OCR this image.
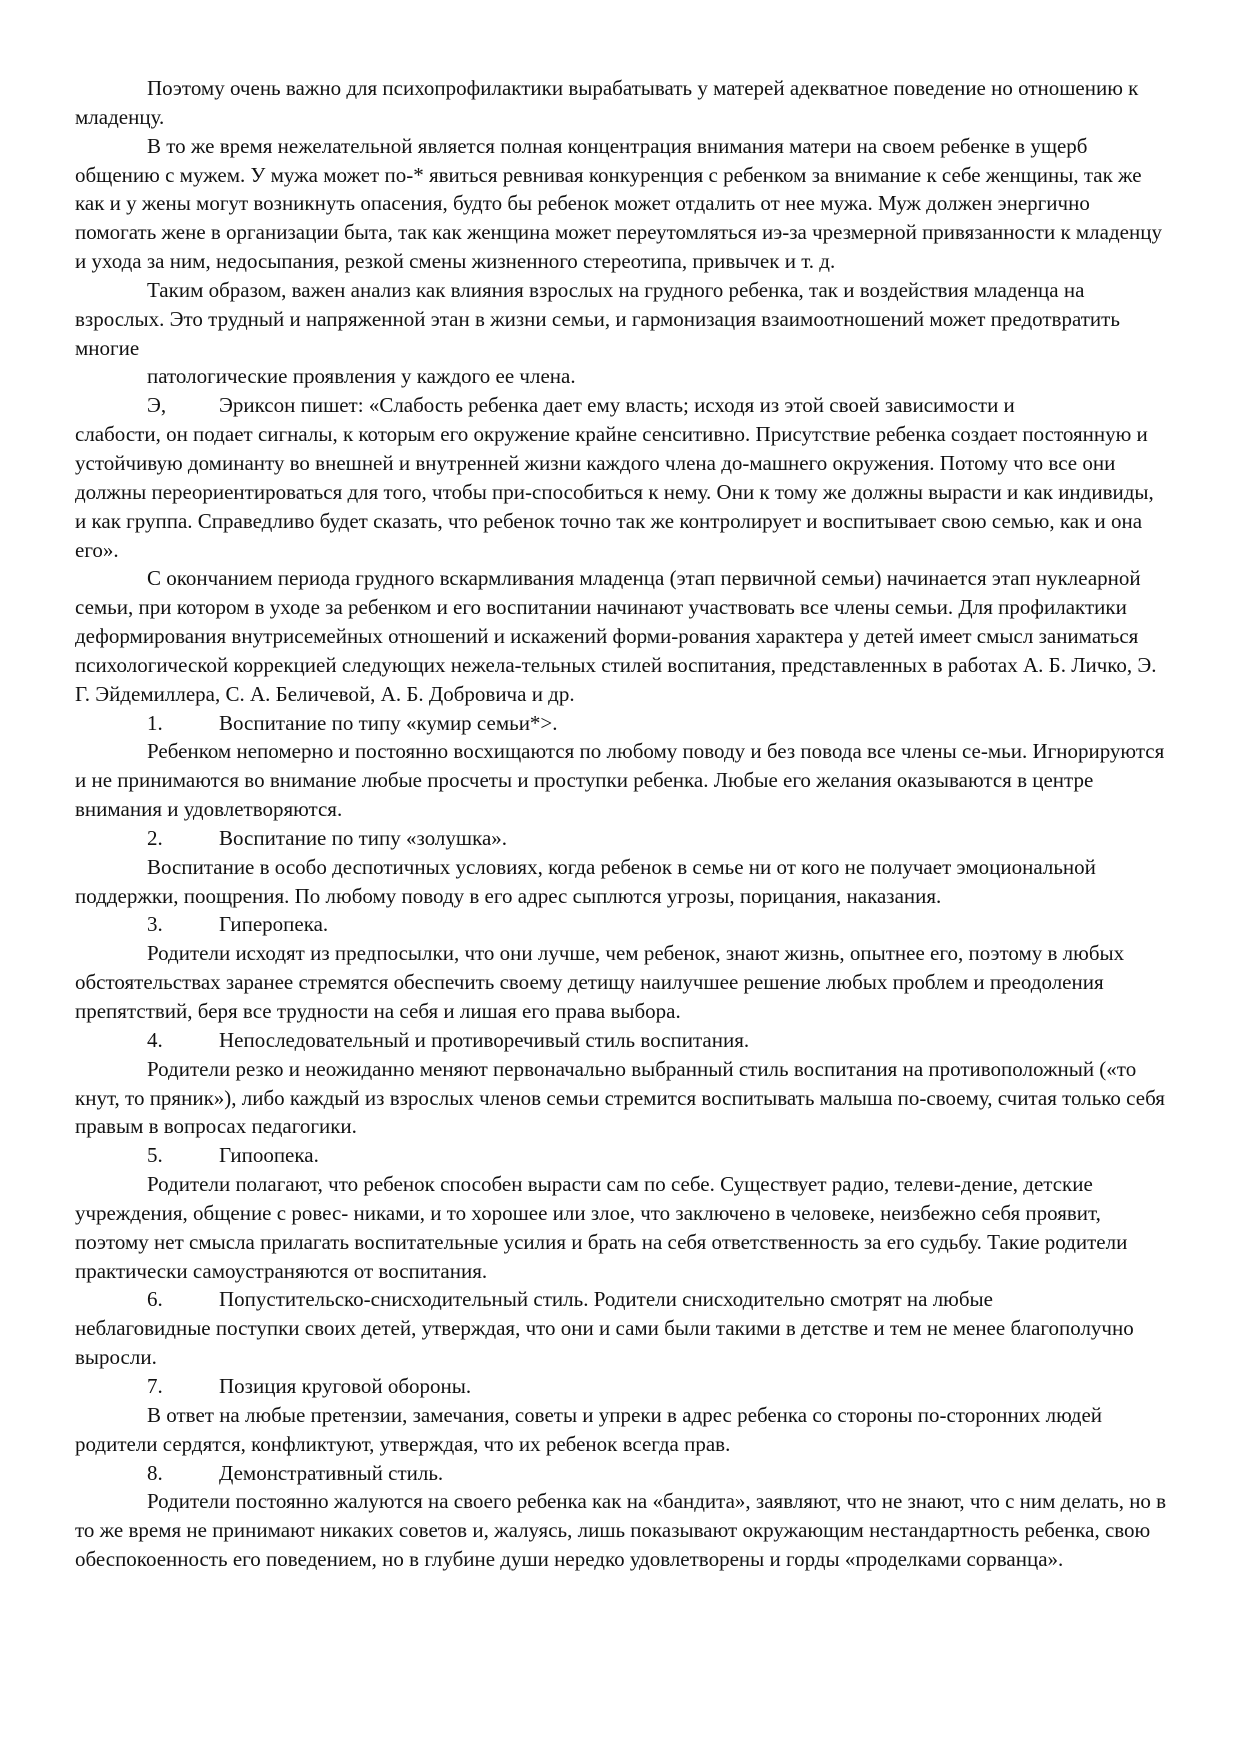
Поэтому очень важно для психопрофилактики вырабатывать у матерей адекватное поведение но отношению к младенцу.

В то же время нежелательной является полная концентрация внимания матери на своем ребенке в ущерб общению с мужем. У мужа может по-* явиться ревнивая конкуренция с ребенком за внимание к себе женщины, так же как и у жены могут возникнуть опасения, будто бы ребенок может отдалить от нее мужа. Муж должен энергично помогать жене в организации быта, так как женщина может переутомляться иэ-за чрезмерной привязанности к младенцу и ухода за ним, недосыпания, резкой смены жизненного стереотипа, привычек и т. д.

Таким образом, важен анализ как влияния взрослых на грудного ребенка, так и воздействия младенца на взрослых. Это трудный и напряженной этан в жизни семьи, и гармонизация взаимоотношений может предотвратить многие

патологические проявления у каждого ее члена.

Э,	Эриксон пишет: «Слабость ребенка дает ему власть; исходя из этой своей зависимости и

слабости, он подает сигналы, к которым его окружение крайне сенситивно. Присутствие ребенка создает постоянную и устойчивую доминанту во внешней и внутренней жизни каждого члена до-машнего окружения. Потому что все они должны переориентироваться для того, чтобы при-способиться к нему. Они к тому же должны вырасти и как индивиды, и как группа. Справедливо будет сказать, что ребенок точно так же контролирует и воспитывает свою семью, как и она его».

С окончанием периода грудного вскармливания младенца (этап первичной семьи) начинается этап нуклеарной семьи, при котором в уходе за ребенком и его воспитании начинают участвовать все члены семьи. Для профилактики деформирования внутрисемейных отношений и искажений форми-рования характера у детей имеет смысл заниматься психологической коррекцией следующих нежела-тельных стилей воспитания, представленных в работах А. Б. Личко, Э. Г. Эйдемиллера, С. А. Беличевой, А. Б. Добровича и др.

1.	Воспитание по типу «кумир семьи*>.

Ребенком непомерно и постоянно восхищаются по любому поводу и без повода все члены се-мьи. Игнорируются и не принимаются во внимание любые просчеты и проступки ребенка. Любые его желания оказываются в центре внимания и удовлетворяются.

2.	Воспитание по типу «золушка».

Воспитание в особо деспотичных условиях, когда ребенок в семье ни от кого не получает эмоциональной поддержки, поощрения. По любому поводу в его адрес сыплются угрозы, порицания, наказания.

3.	Гиперопека.

Родители исходят из предпосылки, что они лучше, чем ребенок, знают жизнь, опытнее его, поэтому в любых обстоятельствах заранее стремятся обеспечить своему детищу наилучшее решение любых проблем и преодоления препятствий, беря все трудности на себя и лишая его права выбора.

4.	Непоследовательный и противоречивый стиль воспитания.

Родители резко и неожиданно меняют первоначально выбранный стиль воспитания на противоположный («то кнут, то пряник»), либо каждый из взрослых членов семьи стремится воспитывать малыша по-своему, считая только себя правым в вопросах педагогики.

5.	Гипоопека.

Родители полагают, что ребенок способен вырасти сам по себе. Существует радио, телеви-дение, детские учреждения, общение с ровес- никами, и то хорошее или злое, что заключено в человеке, неизбежно себя проявит, поэтому нет смысла прилагать воспитательные усилия и брать на себя ответственность за его судьбу. Такие родители практически самоустраняются от воспитания.

6.	Попустительско-снисходительный стиль. Родители снисходительно смотрят на любые

неблаговидные поступки своих детей, утверждая, что они и сами были такими в детстве и тем не менее благополучно выросли.

7.	Позиция круговой обороны.

В ответ на любые претензии, замечания, советы и упреки в адрес ребенка со стороны по-сторонних людей родители сердятся, конфликтуют, утверждая, что их ребенок всегда прав.

8.	Демонстративный стиль.

Родители постоянно жалуются на своего ребенка как на «бандита», заявляют, что не знают, что с ним делать, но в то же время не принимают никаких советов и, жалуясь, лишь показывают окружающим нестандартность ребенка, свою обеспокоенность его поведением, но в глубине души нередко удовлетворены и горды «проделками сорванца».
